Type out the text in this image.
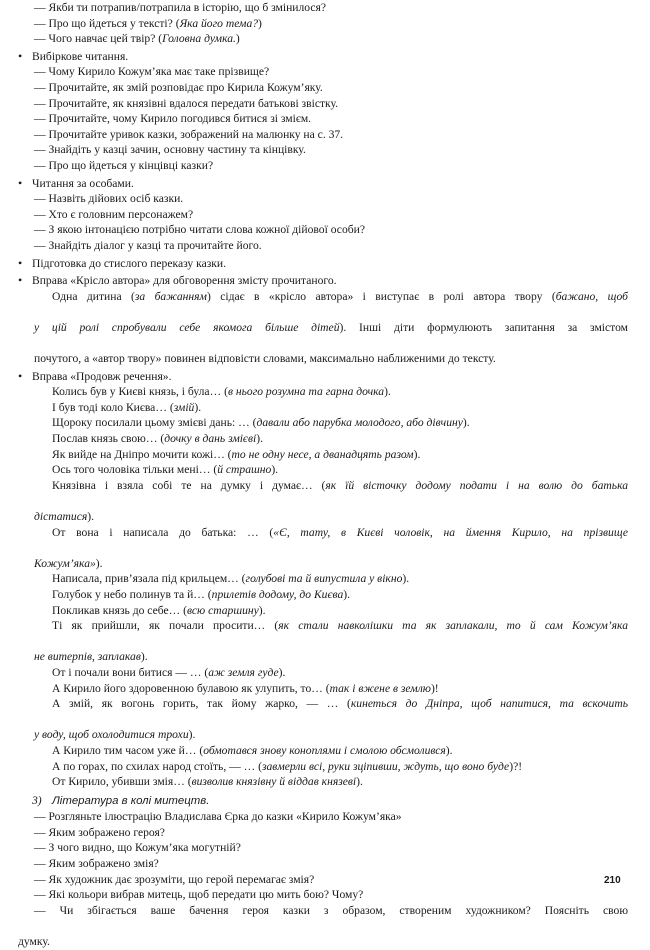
— Якби ти потрапив/потрапила в історію, що б змінилося?
— Про що йдеться у тексті? (Яка його тема?)
— Чого навчає цей твір? (Головна думка.)
• Вибіркове читання.
— Чому Кирило Кожум’яка має таке прізвище?
— Прочитайте, як змій розповідає про Кирила Кожум’яку.
— Прочитайте, як князівні вдалося передати батькові звістку.
— Прочитайте, чому Кирило погодився битися зі змієм.
— Прочитайте уривок казки, зображений на малюнку на с. 37.
— Знайдіть у казці зачин, основну частину та кінцівку.
— Про що йдеться у кінцівці казки?
• Читання за особами.
— Назвіть дійових осіб казки.
— Хто є головним персонажем?
— З якою інтонацією потрібно читати слова кожної дійової особи?
— Знайдіть діалог у казці та прочитайте його.
• Підготовка до стислого переказу казки.
• Вправа «Крісло автора» для обговорення змісту прочитаного.
Одна дитина (за бажанням) сідає в «крісло автора» і виступає в ролі автора твору (бажано, щоб
у цій ролі спробували себе якомога більше дітей). Інші діти формулюють запитання за змістом
почутого, а «автор твору» повинен відповісти словами, максимально наближеними до тексту.
• Вправа «Продовж речення».
Колись був у Києві князь, і була… (в нього розумна та гарна дочка).
І був тоді коло Києва… (змій).
Щороку посилали цьому змієві дань: … (давали або парубка молодого, або дівчину).
Послав князь свою… (дочку в дань змієві).
Як вийде на Дніпро мочити кожі… (то не одну несе, а дванадцять разом).
Ось того чоловіка тільки мені… (й страшно).
Князівна і взяла собі те на думку і думає… (як їй вісточку додому подати і на волю до батька
дістатися).
От вона і написала до батька: … («Є, тату, в Києві чоловік, на ймення Кирило, на прізвище
Кожум’яка»).
Написала, прив’язала під крильцем… (голубові та й випустила у вікно).
Голубок у небо полинув та й… (прилетів додому, до Києва).
Покликав князь до себе… (всю старшину).
Ті як прийшли, як почали просити… (як стали навколішки та як заплакали, то й сам Кожум’яка
не витерпів, заплакав).
От і почали вони битися — … (аж земля гуде).
А Кирило його здоровенною булавою як улупить, то… (так і вжене в землю)!
А змій, як вогонь горить, так йому жарко, — … (кинеться до Дніпра, щоб напитися, та вскочить
у воду, щоб охолодитися трохи).
А Кирило тим часом уже й… (обмотався знову коноплями і смолою обсмолився).
А по горах, по схилах народ стоїть, — … (завмерли всі, руки зціпивши, ждуть, що воно буде)?!
От Кирило, убивши змія… (визволив князівну й віддав князеві).
3) Література в колі митецтв.
— Розгляньте ілюстрацію Владислава Єрка до казки «Кирило Кожум’яка»
— Яким зображено героя?
— З чого видно, що Кожум’яка могутній?
— Яким зображено змія?
— Як художник дає зрозуміти, що герой перемагає змія?
— Які кольори вибрав митець, щоб передати цю мить бою? Чому?
— Чи збігається ваше бачення героя казки з образом, створеним художником? Поясніть свою
думку.
210
